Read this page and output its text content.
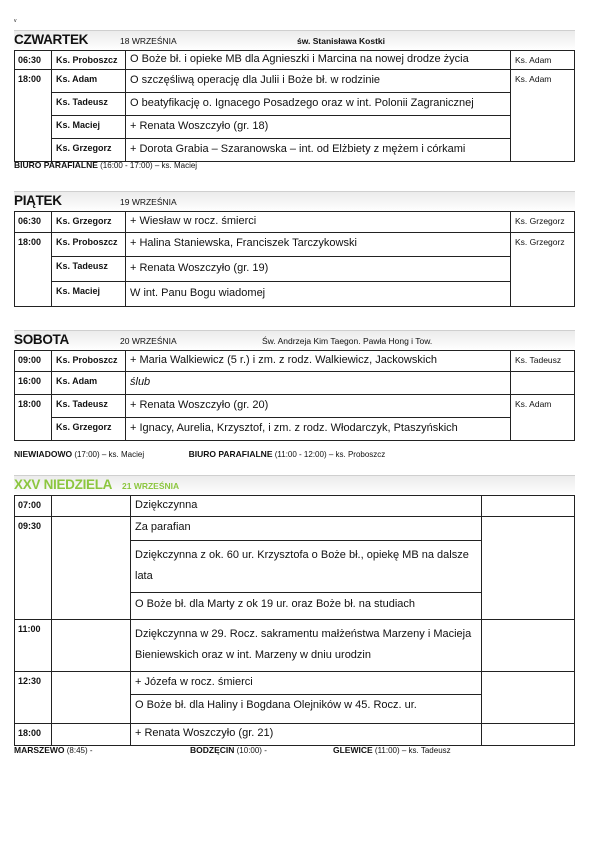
v
CZWARTEK	18 WRZEŚNIA	św. Stanisława Kostki
06:30	Ks. Proboszcz	O Boże bł. i opieke MB dla Agnieszki i Marcina na nowej drodze życia	Ks. Adam
18:00	Ks. Adam	O szczęśliwą operację dla Julii i Boże bł. w rodzinie	Ks. Adam
	Ks. Tadeusz	O beatyfikację o. Ignacego Posadzego oraz w int. Polonii Zagranicznej	
	Ks. Maciej	+ Renata Woszczyło (gr. 18)	
	Ks. Grzegorz	+ Dorota Grabia – Szaranowska – int. od Elżbiety z mężem i córkami	
BIURO PARAFIALNE (16:00 - 17:00) – ks. Maciej
PIĄTEK	19 WRZEŚNIA
06:30	Ks. Grzegorz	+ Wiesław w rocz. śmierci	Ks. Grzegorz
18:00	Ks. Proboszcz	+ Halina Staniewska, Franciszek Tarczykowski	Ks. Grzegorz
	Ks. Tadeusz	+ Renata Woszczyło (gr. 19)	
	Ks. Maciej	W int. Panu Bogu wiadomej	
SOBOTA	20 WRZEŚNIA	Św. Andrzeja Kim Taegon. Pawła Hong i Tow.
09:00	Ks. Proboszcz	+ Maria Walkiewicz (5 r.) i zm. z rodz. Walkiewicz, Jackowskich	Ks. Tadeusz
16:00	Ks. Adam	ślub	
18:00	Ks. Tadeusz	+ Renata Woszczyło (gr. 20)	Ks. Adam
	Ks. Grzegorz	+ Ignacy, Aurelia, Krzysztof, i zm. z rodz. Włodarczyk, Ptaszyńskich	
NIEWIADOWO (17:00) – ks. Maciej	BIURO PARAFIALNE (11:00 - 12:00) – ks. Proboszcz
XXV NIEDZIELA 21 WRZEŚNIA
07:00		Dziękczynna	
09:30		Za parafian	
		Dziękczynna z ok. 60 ur. Krzysztofa o Boże bł., opiekę MB na dalsze lata	
		O Boże bł. dla Marty z ok 19 ur. oraz Boże bł. na studiach	
11:00		Dziękczynna w 29. Rocz. sakramentu małżeństwa Marzeny i Macieja Bieniewskich oraz w int. Marzeny w dniu urodzin	
12:30		+ Józefa w rocz. śmierci	
		O Boże bł. dla Haliny i Bogdana Olejników w 45. Rocz. ur.	
18:00		+ Renata Woszczyło (gr. 21)	
MARSZEWO (8:45) -	BODZĘCIN (10:00) -	GLEWICE (11:00) – ks. Tadeusz
